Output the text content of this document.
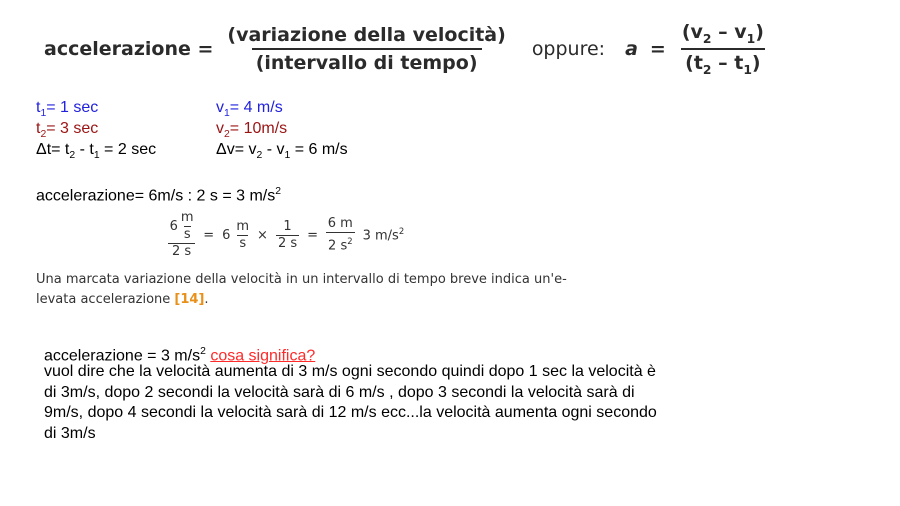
accelerazione = $\frac{\text{(variazione della velocità)}}{\text{(intervallo di tempo)}}$ oppure: $a = \frac{(v_2 - v_1)}{(t_2 - t_1)}$
$t_1= 1$ sec
$t_2= 3$ sec
$\Delta t= t_2 - t_1 = 2$ sec
$v_1= 4$ m/s
$v_2= 10m/s$
$\Delta v= v_2 - v_1 = 6$ m/s
accelerazione= 6m/s : 2 s = 3 $m/s^2$
$\frac{6 \frac{m}{s}}{2 s} = 6 \frac{m}{s} \times \frac{1}{2 s} = \frac{6 m}{2 s^2} 3$ $m/s^2$
Una marcata variazione della velocità in un intervallo di tempo breve indica un'e-
levata accelerazione [14].
accelerazione = 3 $m/s^2$ cosa significa?
vuol dire che la velocità aumenta di 3 m/s ogni secondo quindi dopo 1 sec la velocità è
di 3m/s, dopo 2 secondi la velocità sarà di 6 m/s , dopo 3 secondi la velocità sarà di
9m/s, dopo 4 secondi la velocità sarà di 12 m/s ecc...la velocità aumenta ogni secondo
di 3m/s
